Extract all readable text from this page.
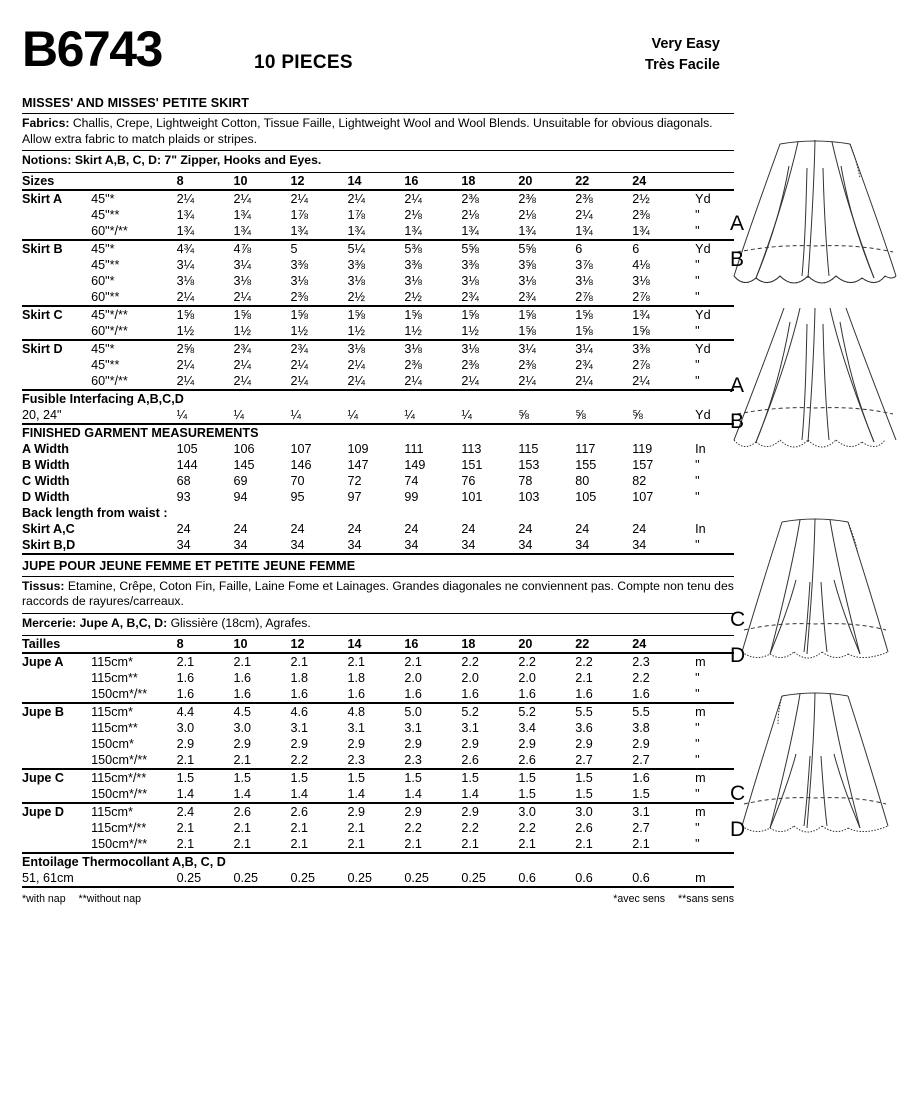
B6743	10 PIECES
Very Easy
Très Facile
MISSES' AND MISSES' PETITE SKIRT
Fabrics: Challis, Crepe, Lightweight Cotton, Tissue Faille, Lightweight Wool and Wool Blends. Unsuitable for obvious diagonals. Allow extra fabric to match plaids or stripes.
Notions: Skirt A,B, C, D: 7" Zipper, Hooks and Eyes.
Sizes		8	10	12	14	16	18	20	22	24	
Skirt A	45"*	2¼	2¼	2¼	2¼	2¼	2⅜	2⅜	2⅜	2½	Yd
	45"**	1¾	1¾	1⅞	1⅞	2⅛	2⅛	2⅛	2¼	2⅜	"
	60"*/**	1¾	1¾	1¾	1¾	1¾	1¾	1¾	1¾	1¾	"
Skirt B	45"*	4¾	4⅞	5	5¼	5⅜	5⅝	5⅝	6	6	Yd
	45"**	3¼	3¼	3⅜	3⅜	3⅜	3⅜	3⅝	3⅞	4⅛	"
	60"*	3⅛	3⅛	3⅛	3⅛	3⅛	3⅛	3⅛	3⅛	3⅛	"
	60"**	2¼	2¼	2⅜	2½	2½	2¾	2¾	2⅞	2⅞	"
Skirt C	45"*/**	1⅝	1⅝	1⅝	1⅝	1⅝	1⅝	1⅝	1⅝	1¾	Yd
	60"*/**	1½	1½	1½	1½	1½	1½	1⅝	1⅝	1⅝	"
Skirt D	45"*	2⅝	2¾	2¾	3⅛	3⅛	3⅛	3¼	3¼	3⅜	Yd
	45"**	2¼	2¼	2¼	2¼	2⅜	2⅜	2⅜	2¾	2⅞	"
	60"*/**	2¼	2¼	2¼	2¼	2¼	2¼	2¼	2¼	2¼	"
Fusible Interfacing A,B,C,D											
20, 24"		¼	¼	¼	¼	¼	¼	⅝	⅝	⅝	Yd
FINISHED GARMENT MEASUREMENTS											
A Width		105	106	107	109	111	113	115	117	119	In
B Width		144	145	146	147	149	151	153	155	157	"
C Width		68	69	70	72	74	76	78	80	82	"
D Width		93	94	95	97	99	101	103	105	107	"
Back length from waist :											
Skirt A,C		24	24	24	24	24	24	24	24	24	In
Skirt B,D		34	34	34	34	34	34	34	34	34	"

JUPE POUR JEUNE FEMME ET PETITE JEUNE FEMME
Tissus: Etamine, Crêpe, Coton Fin, Faille, Laine Fome et Lainages. Grandes diagonales ne conviennent pas. Compte non tenu des raccords de rayures/carreaux.
Mercerie: Jupe A, B,C, D: Glissière (18cm), Agrafes.
Tailles		8	10	12	14	16	18	20	22	24	
Jupe A	115cm*	2.1	2.1	2.1	2.1	2.1	2.2	2.2	2.2	2.3	m
	115cm**	1.6	1.6	1.8	1.8	2.0	2.0	2.0	2.1	2.2	"
	150cm*/**	1.6	1.6	1.6	1.6	1.6	1.6	1.6	1.6	1.6	"
Jupe B	115cm*	4.4	4.5	4.6	4.8	5.0	5.2	5.2	5.5	5.5	m
	115cm**	3.0	3.0	3.1	3.1	3.1	3.1	3.4	3.6	3.8	"
	150cm*	2.9	2.9	2.9	2.9	2.9	2.9	2.9	2.9	2.9	"
	150cm*/**	2.1	2.1	2.2	2.3	2.3	2.6	2.6	2.7	2.7	"
Jupe C	115cm*/**	1.5	1.5	1.5	1.5	1.5	1.5	1.5	1.5	1.6	m
	150cm*/**	1.4	1.4	1.4	1.4	1.4	1.4	1.5	1.5	1.5	"
Jupe D	115cm*	2.4	2.6	2.6	2.9	2.9	2.9	3.0	3.0	3.1	m
	115cm*/**	2.1	2.1	2.1	2.1	2.2	2.2	2.2	2.6	2.7	"
	150cm*/**	2.1	2.1	2.1	2.1	2.1	2.1	2.1	2.1	2.1	"
Entoilage Thermocollant A,B, C, D											
51, 61cm		0.25	0.25	0.25	0.25	0.25	0.25	0.6	0.6	0.6	m

*with nap **without nap	*avec sens **sans sens
A
B
A
B
C
D
C
D
